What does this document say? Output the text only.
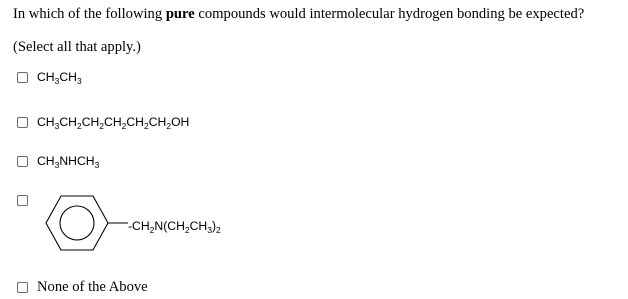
In which of the following pure compounds would intermolecular hydrogen bonding be expected?
(Select all that apply.)
$CH_3CH_3$
$CH_3CH_2CH_2CH_2CH_2CH_2OH$
$CH_3NHCH_3$
$-CH_2N(CH_2CH_3)_2$
None of the Above
